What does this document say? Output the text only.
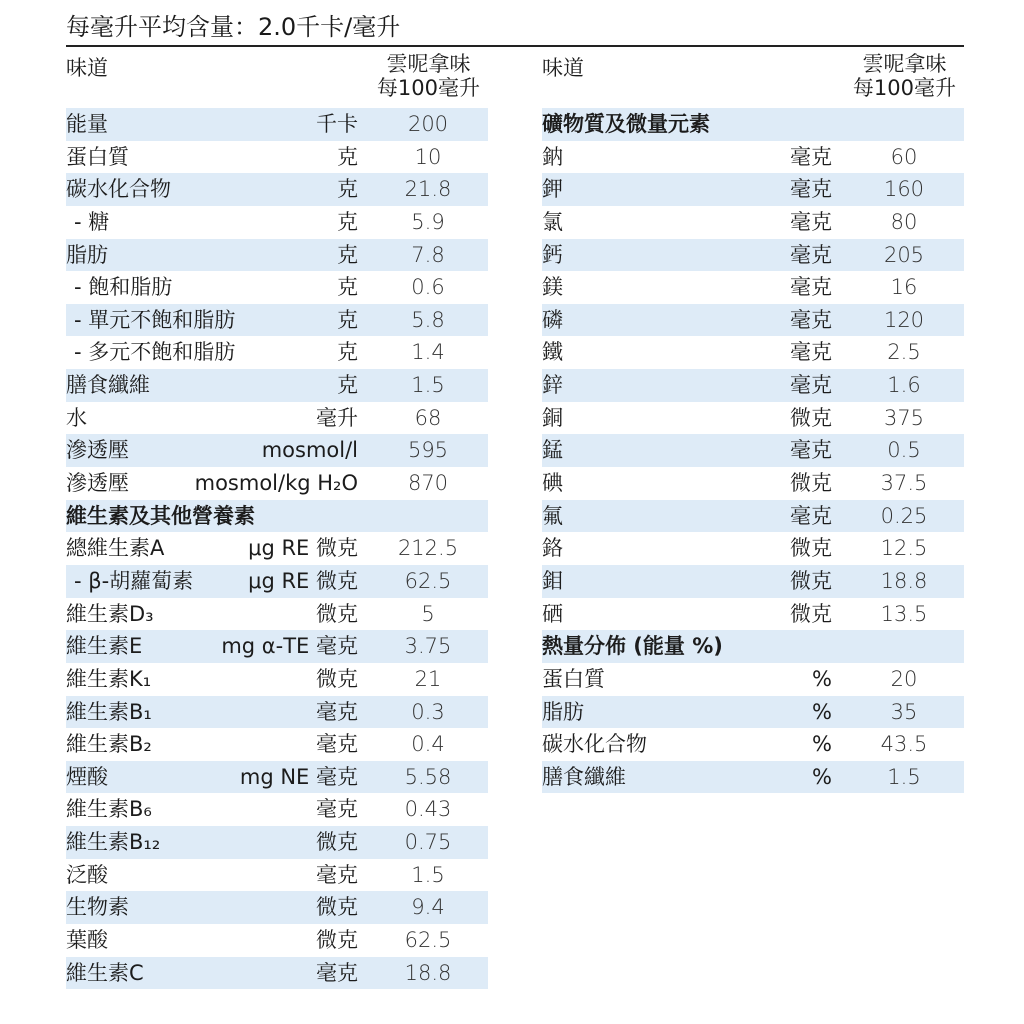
每毫升平均含量：2.0千卡/毫升
味道	雲呢拿味
每100毫升
能量	千卡	200
蛋白質	克	10
碳水化合物	克	21.8
- 糖	克	5.9
脂肪	克	7.8
- 飽和脂肪	克	0.6
- 單元不飽和脂肪	克	5.8
- 多元不飽和脂肪	克	1.4
膳食纖維	克	1.5
水	毫升	68
滲透壓	mosmol/l	595
滲透壓	mosmol/kg H₂O	870
維生素及其他營養素
總維生素A	μg RE 微克	212.5
- β-胡蘿蔔素	μg RE 微克	62.5
維生素D₃	微克	5
維生素E	mg α-TE 毫克	3.75
維生素K₁	微克	21
維生素B₁	毫克	0.3
維生素B₂	毫克	0.4
煙酸	mg NE 毫克	5.58
維生素B₆	毫克	0.43
維生素B₁₂	微克	0.75
泛酸	毫克	1.5
生物素	微克	9.4
葉酸	微克	62.5
維生素C	毫克	18.8
味道	雲呢拿味
每100毫升
礦物質及微量元素
鈉	毫克	60
鉀	毫克	160
氯	毫克	80
鈣	毫克	205
鎂	毫克	16
磷	毫克	120
鐵	毫克	2.5
鋅	毫克	1.6
銅	微克	375
錳	毫克	0.5
碘	微克	37.5
氟	毫克	0.25
鉻	微克	12.5
鉬	微克	18.8
硒	微克	13.5
熱量分佈 (能量 %)
蛋白質	%	20
脂肪	%	35
碳水化合物	%	43.5
膳食纖維	%	1.5
